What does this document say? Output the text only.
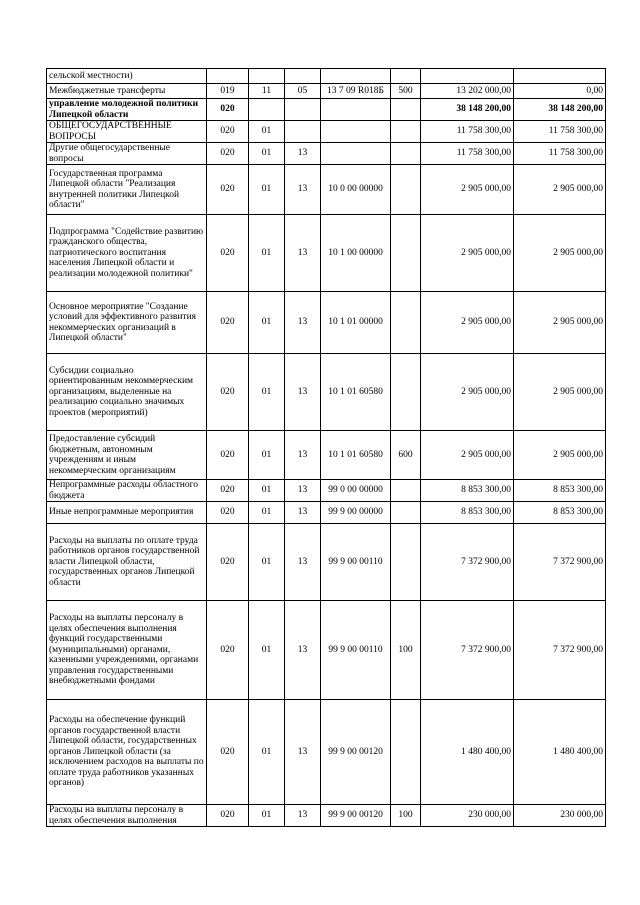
сельской местности)							
Межбюджетные трансферты	019	11	05	13 7 09 R018Б	500	13 202 000,00	0,00
управление молодежной политики Липецкой области	020					38 148 200,00	38 148 200,00
ОБЩЕГОСУДАРСТВЕННЫЕ ВОПРОСЫ	020	01				11 758 300,00	11 758 300,00
Другие общегосударственные вопросы	020	01	13			11 758 300,00	11 758 300,00
Государственная программа Липецкой области "Реализация внутренней политики Липецкой области"	020	01	13	10 0 00 00000		2 905 000,00	2 905 000,00
Подпрограмма "Содействие развитию гражданского общества, патриотического воспитания населения Липецкой области и реализации молодежной политики"	020	01	13	10 1 00 00000		2 905 000,00	2 905 000,00
Основное мероприятие "Создание условий для эффективного развития некоммерческих организаций в Липецкой области"	020	01	13	10 1 01 00000		2 905 000,00	2 905 000,00
Субсидии социально ориентированным некоммерческим организациям, выделенные на реализацию социально значимых проектов (мероприятий)	020	01	13	10 1 01 60580		2 905 000,00	2 905 000,00
Предоставление субсидий бюджетным, автономным учреждениям и иным некоммерческим организациям	020	01	13	10 1 01 60580	600	2 905 000,00	2 905 000,00
Непрограммные расходы областного бюджета	020	01	13	99 0 00 00000		8 853 300,00	8 853 300,00
Иные непрограммные мероприятия	020	01	13	99 9 00 00000		8 853 300,00	8 853 300,00
Расходы на выплаты по оплате труда работников органов государственной власти Липецкой области, государственных органов Липецкой области	020	01	13	99 9 00 00110		7 372 900,00	7 372 900,00
Расходы на выплаты персоналу в целях обеспечения выполнения функций государственными (муниципальными) органами, казенными учреждениями, органами управления государственными внебюджетными фондами	020	01	13	99 9 00 00110	100	7 372 900,00	7 372 900,00
Расходы на обеспечение функций органов государственной власти Липецкой области, государственных органов Липецкой области (за исключением расходов на выплаты по оплате труда работников указанных органов)	020	01	13	99 9 00 00120		1 480 400,00	1 480 400,00
Расходы на выплаты персоналу в целях обеспечения выполнения	020	01	13	99 9 00 00120	100	230 000,00	230 000,00
